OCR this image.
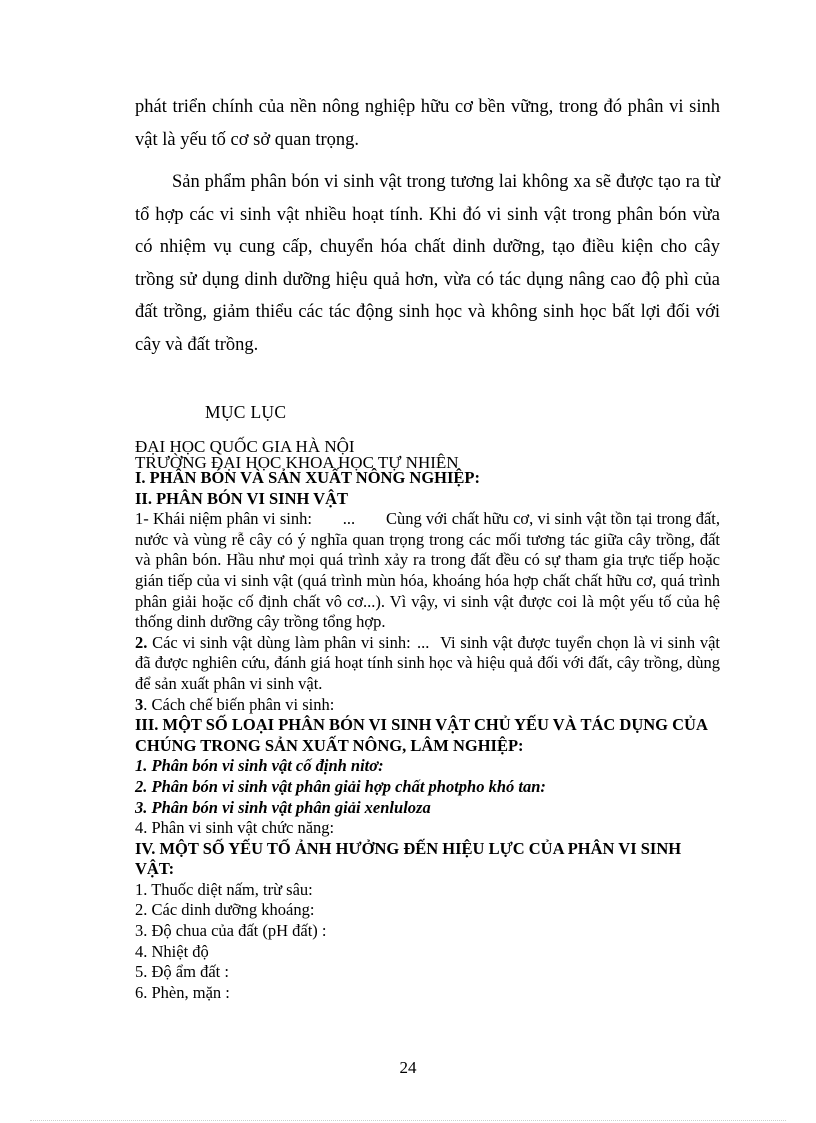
phát triển chính của nền nông nghiệp hữu cơ bền vững, trong đó phân vi sinh vật là yếu tố cơ sở quan trọng.

Sản phẩm phân bón vi sinh vật trong tương lai không xa sẽ được tạo ra từ tổ hợp các vi sinh vật nhiều hoạt tính. Khi đó vi sinh vật trong phân bón vừa có nhiệm vụ cung cấp, chuyển hóa chất dinh dưỡng, tạo điều kiện cho cây trồng sử dụng dinh dưỡng hiệu quả hơn, vừa có tác dụng nâng cao độ phì của đất trồng, giảm thiểu các tác động sinh học và không sinh học bất lợi đối với cây và đất trồng.

MỤC LỤC
ĐẠI HỌC QUỐC GIA HÀ NỘI
TRƯỜNG ĐẠI HỌC KHOA HỌC TỰ NHIÊN

I. PHÂN BÓN VÀ SẢN XUẤT NÔNG NGHIỆP:

II. PHÂN BÓN VI SINH VẬT

1- Khái niệm phân vi sinh: ... Cùng với chất hữu cơ, vi sinh vật tồn tại trong đất, nước và vùng rễ cây có ý nghĩa quan trọng trong các mối tương tác giữa cây trồng, đất và phân bón. Hầu như mọi quá trình xảy ra trong đất đều có sự tham gia trực tiếp hoặc gián tiếp của vi sinh vật (quá trình mùn hóa, khoáng hóa hợp chất chất hữu cơ, quá trình phân giải hoặc cố định chất vô cơ...). Vì vậy, vi sinh vật được coi là một yếu tố của hệ thống dinh dưỡng cây trồng tổng hợp.

2. Các vi sinh vật dùng làm phân vi sinh: ... Vi sinh vật được tuyển chọn là vi sinh vật đã được nghiên cứu, đánh giá hoạt tính sinh học và hiệu quả đối với đất, cây trồng, dùng để sản xuất phân vi sinh vật.

3. Cách chế biến phân vi sinh:

III. MỘT SỐ LOẠI PHÂN BÓN VI SINH VẬT CHỦ YẾU VÀ TÁC DỤNG CỦA CHÚNG TRONG SẢN XUẤT NÔNG, LÂM NGHIỆP:

1. Phân bón vi sinh vật cố định nitơ:

2. Phân bón vi sinh vật phân giải hợp chất photpho khó tan:

3. Phân bón vi sinh vật phân giải xenluloza

4. Phân vi sinh vật chức năng:

IV. MỘT SỐ YẾU TỐ ẢNH HƯỞNG ĐẾN HIỆU LỰC CỦA PHÂN VI SINH VẬT:

1. Thuốc diệt nấm, trừ sâu:

2. Các dinh dưỡng khoáng:

3. Độ chua của đất (pH đất) :

4. Nhiệt độ

5. Độ ẩm đất :

6. Phèn, mặn :

24
